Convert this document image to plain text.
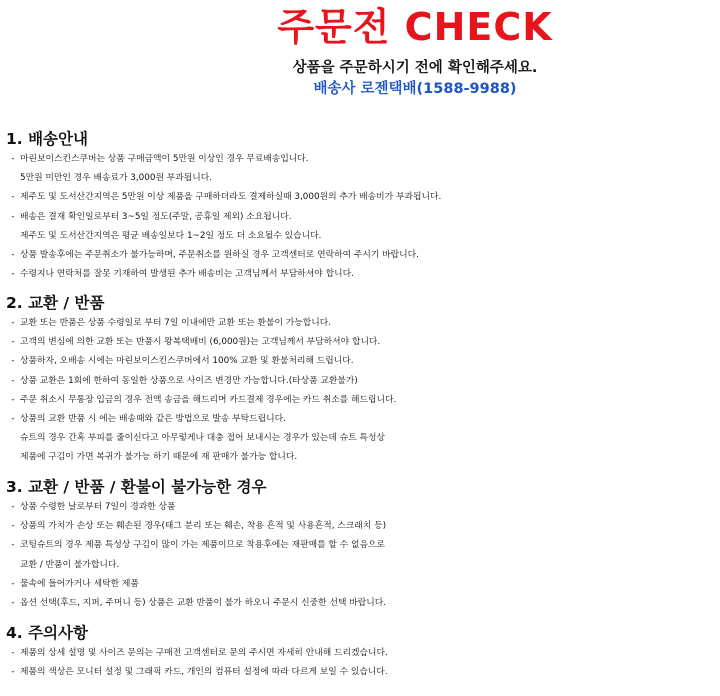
주문전 CHECK
상품을 주문하시기 전에 확인해주세요.
배송사 로젠택배(1588-9988)
1. 배송안내
- 마린보이스킨스쿠버는 상품 구매금액이 5만원 이상인 경우 무료배송입니다.
5만원 미만인 경우 배송료가 3,000원 부과됩니다.
- 제주도 및 도서산간지역은 5만원 이상 제품을 구매하더라도 결제하실때 3,000원의 추가 배송비가 부과됩니다.
- 배송은 결재 확인일로부터 3~5일 정도(주말, 공휴일 제외) 소요됩니다.
제주도 및 도서산간지역은 평균 배송일보다 1~2일 정도 더 소요될수 있습니다.
- 상품 발송후에는 주문취소가 불가능하며, 주문취소를 원하실 경우 고객센터로 연락하여 주시기 바랍니다.
- 수령지나 연락처를 잘못 기재하여 발생된 추가 배송비는 고객님께서 부담하셔야 합니다.
2. 교환 / 반품
- 교환 또는 반품은 상품 수령일로 부터 7일 이내에만 교환 또는 환불이 가능합니다.
- 고객의 변심에 의한 교환 또는 반품시 왕복택배비 (6,000원)는 고객님께서 부담하셔야 합니다.
- 상품하자, 오배송 시에는 마린보이스킨스쿠버에서 100% 교환 및 환불처리해 드립니다.
- 상품 교환은 1회에 한하여 동일한 상품으로 사이즈 변경만 가능합니다.(타상품 교환불가)
- 주문 취소시 무통장 입금의 경우 전액 송금을 해드리며 카드결제 경우에는 카드 취소를 해드립니다.
- 상품의 교환 반품 시 에는 배송때와 같은 방법으로 발송 부탁드립니다.
슈트의 경우 간혹 부피를 줄이신다고 아무렇게나 대충 접어 보내시는 경우가 있는데 슈트 특성상
제품에 구김이 가면 복귀가 불가능 하기 때문에 재 판매가 불가능 합니다.
3. 교환 / 반품 / 환불이 불가능한 경우
- 상품 수령한 날로부터 7일이 경과한 상품
- 상품의 가치가 손상 또는 훼손된 경우(태그 분리 또는 훼손, 착용 흔적 및 사용흔적, 스크래치 등)
- 코팅슈트의 경우 제품 특성상 구김이 많이 가는 제품이므로 착용후에는 재판매를 할 수 없음으로
교환 / 반품이 불가합니다.
- 물속에 들어가거나 세탁한 제품
- 옵션 선택(후드, 지퍼, 주머니 등) 상품은 교환 반품이 불가 하오니 주문시 신중한 선택 바랍니다.
4. 주의사항
- 제품의 상세 설명 및 사이즈 문의는 구매전 고객센터로 문의 주시면 자세히 안내해 드리겠습니다.
- 제품의 색상은 모니터 설정 및 그래픽 카드, 개인의 컴퓨터 설정에 따라 다르게 보일 수 있습니다.
